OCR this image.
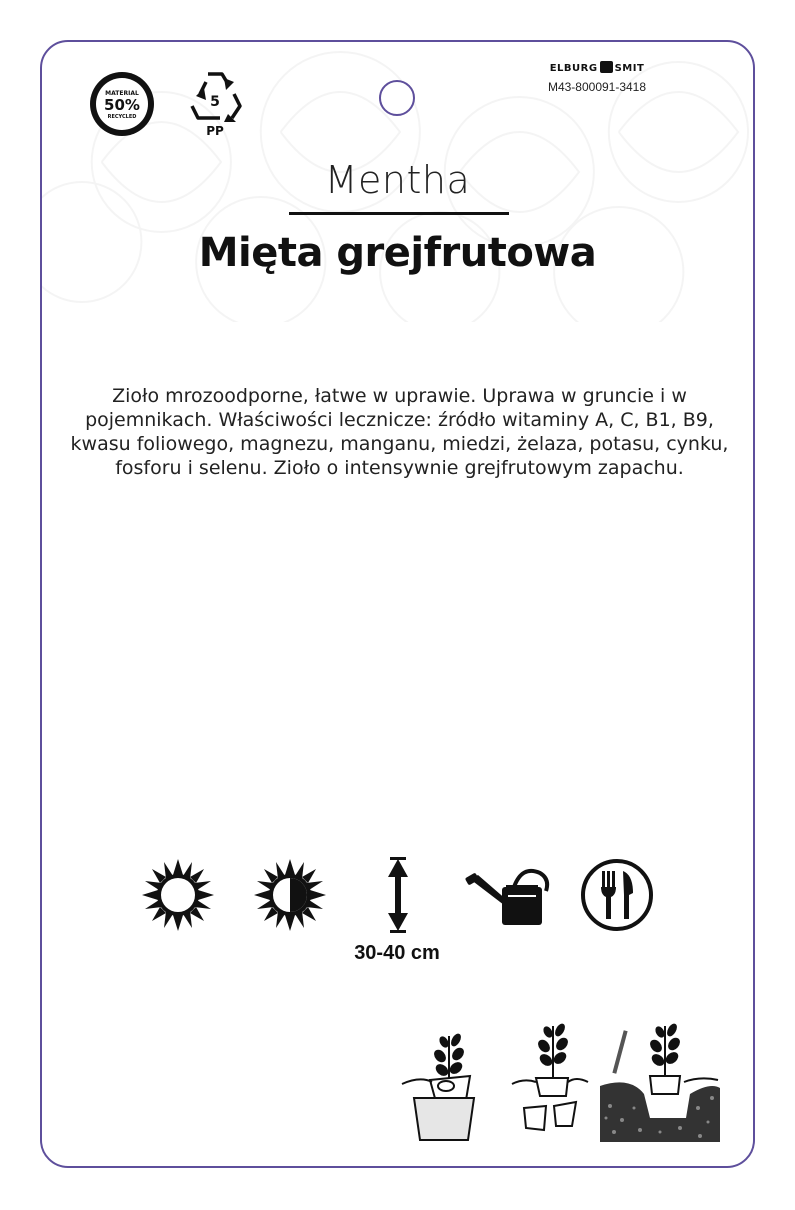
MATERIAL
50%
RECYCLED
5
PP
ELBURG SMIT
M43-800091-3418
Mentha
Mięta grejfrutowa
Zioło mrozoodporne, łatwe w uprawie. Uprawa w gruncie i w pojemnikach. Właściwości lecznicze: źródło witaminy A, C, B1, B9, kwasu foliowego, magnezu, manganu, miedzi, żelaza, potasu, cynku, fosforu i selenu. Zioło o intensywnie grejfrutowym zapachu.
30-40 cm
